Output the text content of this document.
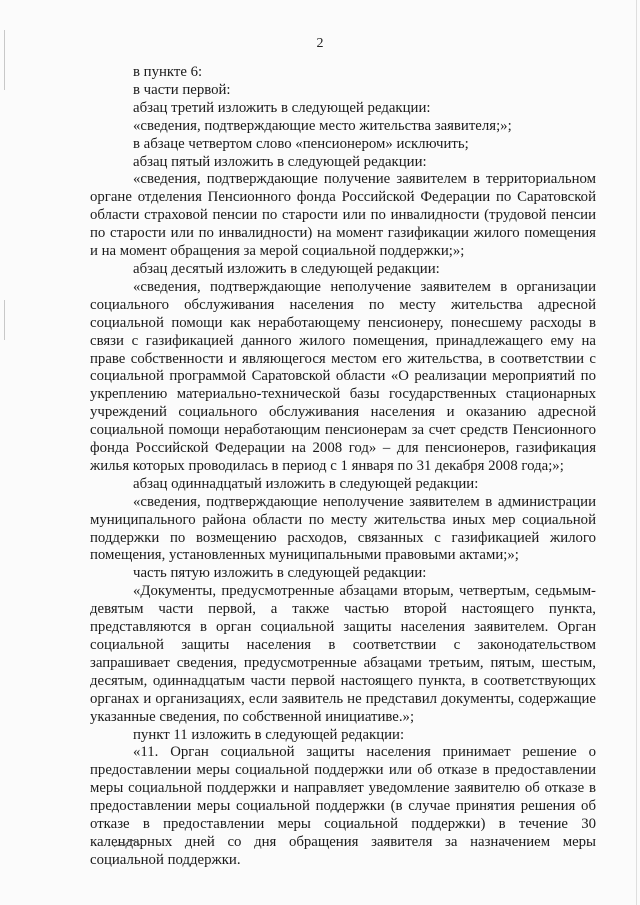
2

в пункте 6:

в части первой:

абзац третий изложить в следующей редакции:

«сведения, подтверждающие место жительства заявителя;»;

в абзаце четвертом слово «пенсионером» исключить;

абзац пятый изложить в следующей редакции:

«сведения, подтверждающие получение заявителем в территориальном органе отделения Пенсионного фонда Российской Федерации по Саратовской области страховой пенсии по старости или по инвалидности (трудовой пенсии по старости или по инвалидности) на момент газификации жилого помещения и на момент обращения за мерой социальной поддержки;»;

абзац десятый изложить в следующей редакции:

«сведения, подтверждающие неполучение заявителем в организации социального обслуживания населения по месту жительства адресной социальной помощи как неработающему пенсионеру, понесшему расходы в связи с газификацией данного жилого помещения, принадлежащего ему на праве собственности и являющегося местом его жительства, в соответствии с социальной программой Саратовской области «О реализации мероприятий по укреплению материально-технической базы государственных стационарных учреждений социального обслуживания населения и оказанию адресной социальной помощи неработающим пенсионерам за счет средств Пенсионного фонда Российской Федерации на 2008 год» – для пенсионеров, газификация жилья которых проводилась в период с 1 января по 31 декабря 2008 года;»;

абзац одиннадцатый изложить в следующей редакции:

«сведения, подтверждающие неполучение заявителем в администрации муниципального района области по месту жительства иных мер социальной поддержки по возмещению расходов, связанных с газификацией жилого помещения, установленных муниципальными правовыми актами;»;

часть пятую изложить в следующей редакции:

«Документы, предусмотренные абзацами вторым, четвертым, седьмым-девятым части первой, а также частью второй настоящего пункта, представляются в орган социальной защиты населения заявителем. Орган социальной защиты населения в соответствии с законодательством запрашивает сведения, предусмотренные абзацами третьим, пятым, шестым, десятым, одиннадцатым части первой настоящего пункта, в соответствующих органах и организациях, если заявитель не представил документы, содержащие указанные сведения, по собственной инициативе.»;

пункт 11 изложить в следующей редакции:

«11. Орган социальной защиты населения принимает решение о предоставлении меры социальной поддержки или об отказе в предоставлении меры социальной поддержки и направляет уведомление заявителю об отказе в предоставлении меры социальной поддержки (в случае принятия решения об отказе в предоставлении меры социальной поддержки) в течение 30 календарных дней со дня обращения заявителя за назначением меры социальной поддержки.
